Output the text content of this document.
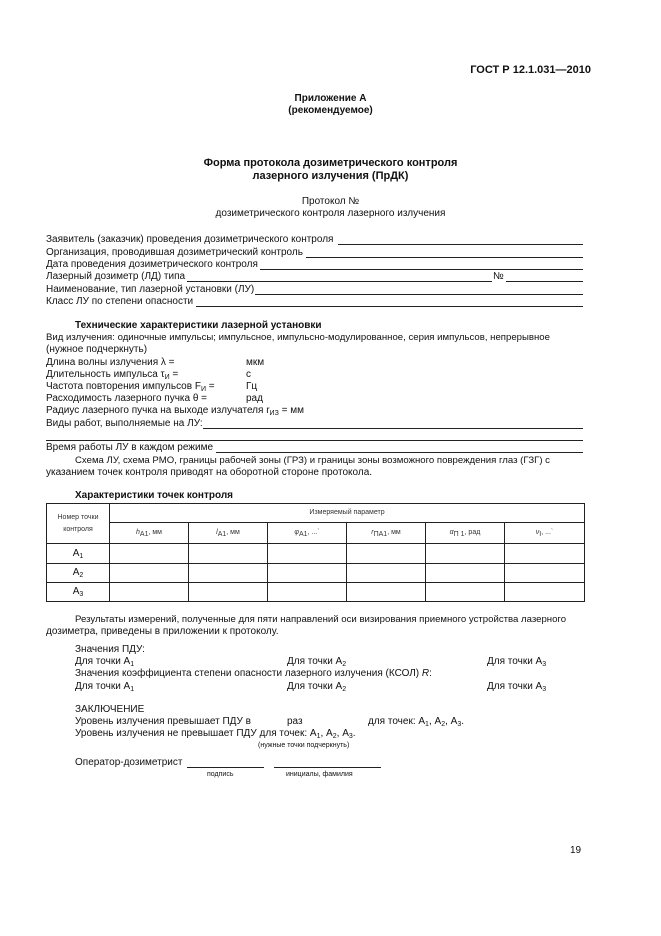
ГОСТ Р 12.1.031—2010
Приложение А
(рекомендуемое)
Форма протокола дозиметрического контроля
лазерного излучения (ПрДК)
Протокол №
дозиметрического контроля лазерного излучения
Заявитель (заказчик) проведения дозиметрического контроля
Организация, проводившая дозиметрический контроль
Дата проведения дозиметрического контроля
Лазерный дозиметр (ЛД) типа	№
Наименование, тип лазерной установки (ЛУ)
Класс ЛУ по степени опасности
Технические характеристики лазерной установки
Вид излучения: одиночные импульсы; импульсное, импульсно-модулированное, серия импульсов, непрерывное
(нужное подчеркнуть)
Длина волны излучения λ =	мкм
Длительность импульса $\tau_И$ =	с
Частота повторения импульсов $F_И$ =	Гц
Расходимость лазерного пучка θ =	рад
Радиус лазерного пучка на выходе излучателя $r_{ИЗ}$ = мм
Виды работ, выполняемые на ЛУ:
Время работы ЛУ в каждом режиме
Схема ЛУ, схема РМО, границы рабочей зоны (ГРЗ) и границы зоны возможного повреждения глаз (ГЗГ) с
указанием точек контроля приводят на оборотной стороне протокола.
Характеристики точек контроля
Номер точки
контроля	Измеряемый параметр					
	$h_{А1}$, мм	$l_{А1}$, мм	$\varphi_{А1}$, ...`	$r_{ПА1}$, мм	$\alpha_{П 1}$, рад	$\nu_I$, ...`
$А_1$						
$А_2$						
$А_3$						
Результаты измерений, полученные для пяти направлений оси визирования приемного устройства лазерного
дозиметра, приведены в приложении к протоколу.
Значения ПДУ:
Для точки $А_1$	Для точки $А_2$	Для точки $А_3$
Значения коэффициента степени опасности лазерного излучения (КСОЛ) R:
Для точки $А_1$	Для точки $А_2$	Для точки $А_3$
ЗАКЛЮЧЕНИЕ
Уровень излучения превышает ПДУ в	раз	для точек: $А_1$, $А_2$, $А_3$.
Уровень излучения не превышает ПДУ для точек: $А_1$, $А_2$, $А_3$.
(нужные точки подчеркнуть)
Оператор-дозиметрист
подпись	инициалы, фамилия
19
